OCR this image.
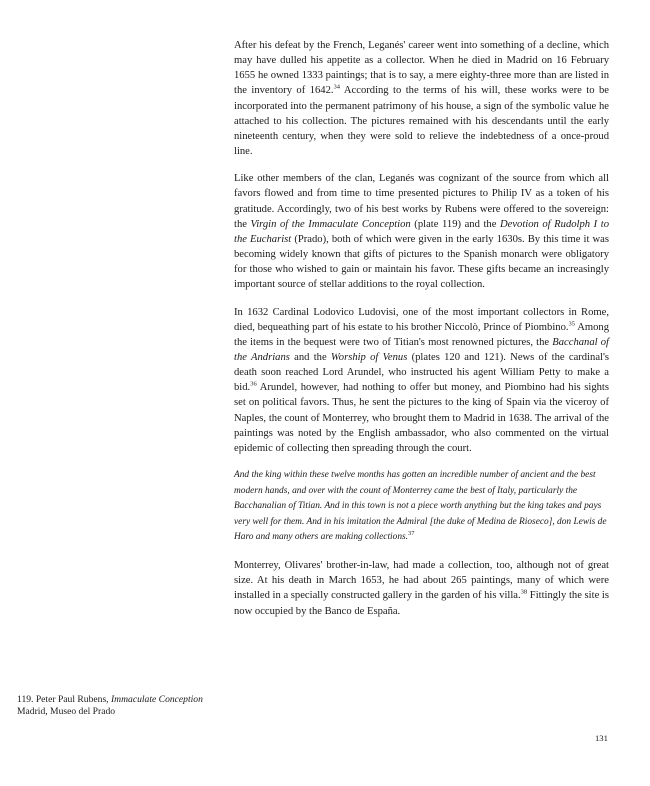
After his defeat by the French, Leganés' career went into something of a decline, which may have dulled his appetite as a collector. When he died in Madrid on 16 February 1655 he owned 1333 paintings; that is to say, a mere eighty-three more than are listed in the inventory of 1642.34 According to the terms of his will, these works were to be incorporated into the permanent patrimony of his house, a sign of the symbolic value he attached to his collection. The pictures remained with his descendants until the early nineteenth century, when they were sold to relieve the indebtedness of a once-proud line.

Like other members of the clan, Leganés was cognizant of the source from which all favors flowed and from time to time presented pictures to Philip IV as a token of his gratitude. Accordingly, two of his best works by Rubens were offered to the sovereign: the Virgin of the Immaculate Conception (plate 119) and the Devotion of Rudolph I to the Eucharist (Prado), both of which were given in the early 1630s. By this time it was becoming widely known that gifts of pictures to the Spanish monarch were obligatory for those who wished to gain or maintain his favor. These gifts became an increasingly important source of stellar additions to the royal collection.

In 1632 Cardinal Lodovico Ludovisi, one of the most important collectors in Rome, died, bequeathing part of his estate to his brother Niccolò, Prince of Piombino.$^{35}$ Among the items in the bequest were two of Titian's most renowned pictures, the Bacchanal of the Andrians and the Worship of Venus (plates 120 and 121). News of the cardinal's death soon reached Lord Arundel, who instructed his agent William Petty to make a bid.$^{36}$ Arundel, however, had nothing to offer but money, and Piombino had his sights set on political favors. Thus, he sent the pictures to the king of Spain via the viceroy of Naples, the count of Monterrey, who brought them to Madrid in 1638. The arrival of the paintings was noted by the English ambassador, who also commented on the virtual epidemic of collecting then spreading through the court.

And the king within these twelve months has gotten an incredible number of ancient and the best modern hands, and over with the count of Monterrey came the best of Italy, particularly the Bacchanalian of Titian. And in this town is not a piece worth anything but the king takes and pays very well for them. And in his imitation the Admiral [the duke of Medina de Rioseco], don Lewis de Haro and many others are making collections.$^{37}$

Monterrey, Olivares' brother-in-law, had made a collection, too, although not of great size. At his death in March 1653, he had about 265 paintings, many of which were installed in a specially constructed gallery in the garden of his villa.$^{38}$ Fittingly the site is now occupied by the Banco de España.

119. Peter Paul Rubens, Immaculate Conception
Madrid, Museo del Prado
131
